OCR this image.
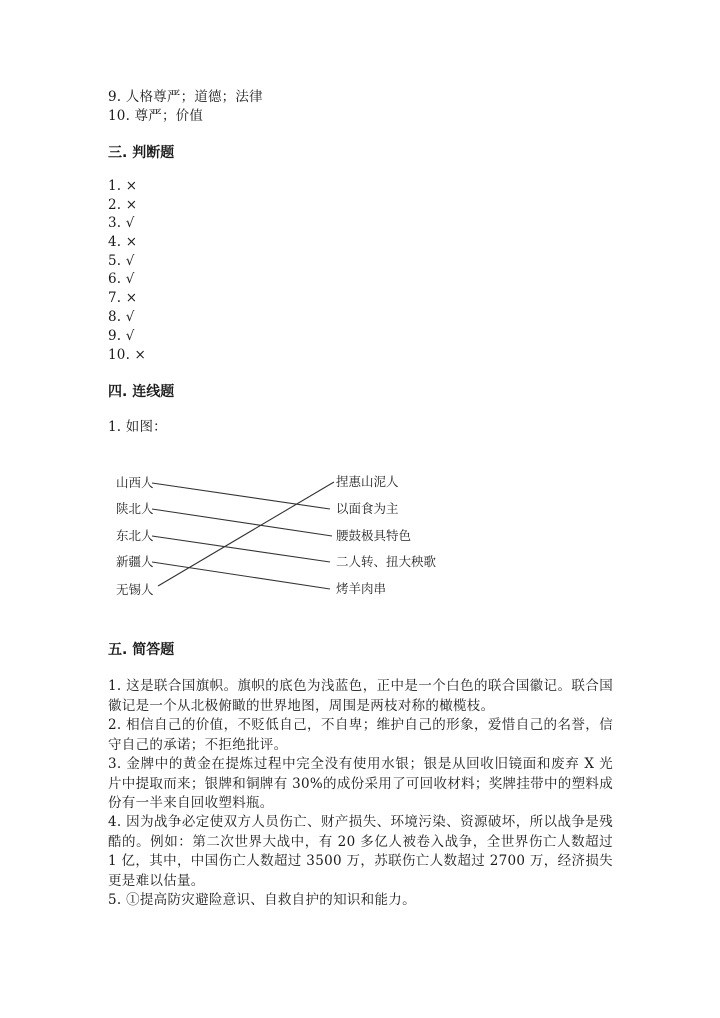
9. 人格尊严；道德；法律
10. 尊严；价值
三. 判断题
1. ×
2. ×
3. √
4. ×
5. √
6. √
7. ×
8. √
9. √
10. ×
四. 连线题
1. 如图：
山西人
陕北人
东北人
新疆人
无锡人
捏惠山泥人
以面食为主
腰鼓极具特色
二人转、扭大秧歌
烤羊肉串
五. 简答题
1. 这是联合国旗帜。旗帜的底色为浅蓝色，正中是一个白色的联合国徽记。联合国徽记是一个从北极俯瞰的世界地图，周围是两枝对称的橄榄枝。
2. 相信自己的价值，不贬低自己，不自卑；维护自己的形象，爱惜自己的名誉，信守自己的承诺；不拒绝批评。
3. 金牌中的黄金在提炼过程中完全没有使用水银；银是从回收旧镜面和废弃 X 光片中提取而来；银牌和铜牌有 30%的成份采用了可回收材料；奖牌挂带中的塑料成份有一半来自回收塑料瓶。
4. 因为战争必定使双方人员伤亡、财产损失、环境污染、资源破坏，所以战争是残酷的。例如：第二次世界大战中，有 20 多亿人被卷入战争，全世界伤亡人数超过 1 亿，其中，中国伤亡人数超过 3500 万，苏联伤亡人数超过 2700 万，经济损失更是难以估量。
5. ①提高防灾避险意识、自救自护的知识和能力。
